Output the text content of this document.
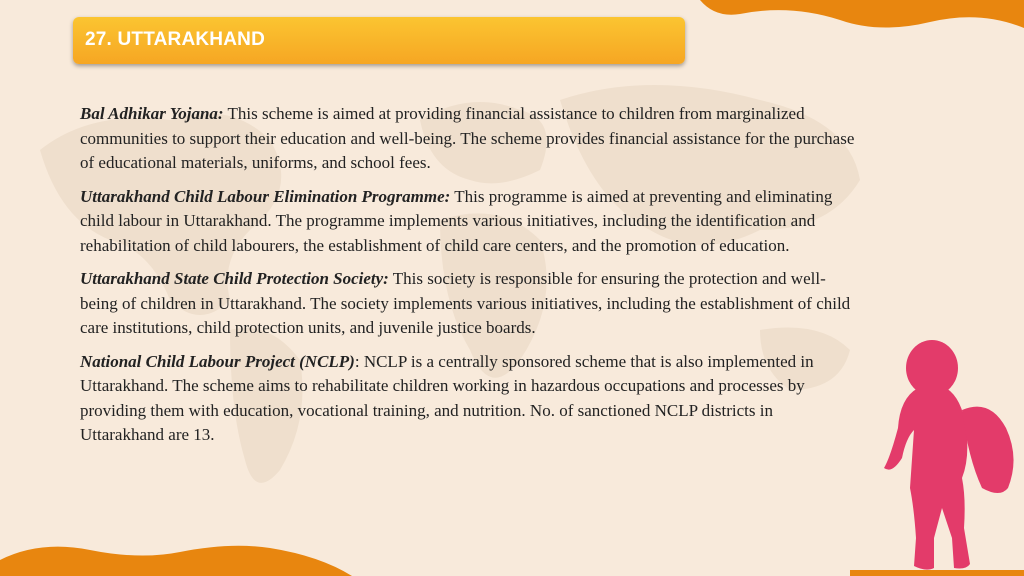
27. UTTARAKHAND

Bal Adhikar Yojana: This scheme is aimed at providing financial assistance to children from marginalized communities to support their education and well-being. The scheme provides financial assistance for the purchase of educational materials, uniforms, and school fees.

Uttarakhand Child Labour Elimination Programme: This programme is aimed at preventing and eliminating child labour in Uttarakhand. The programme implements various initiatives, including the identification and rehabilitation of child labourers, the establishment of child care centers, and the promotion of education.

Uttarakhand State Child Protection Society: This society is responsible for ensuring the protection and well-being of children in Uttarakhand. The society implements various initiatives, including the establishment of child care institutions, child protection units, and juvenile justice boards.

National Child Labour Project (NCLP): NCLP is a centrally sponsored scheme that is also implemented in Uttarakhand. The scheme aims to rehabilitate children working in hazardous occupations and processes by providing them with education, vocational training, and nutrition. No. of sanctioned NCLP districts in Uttarakhand are 13.
